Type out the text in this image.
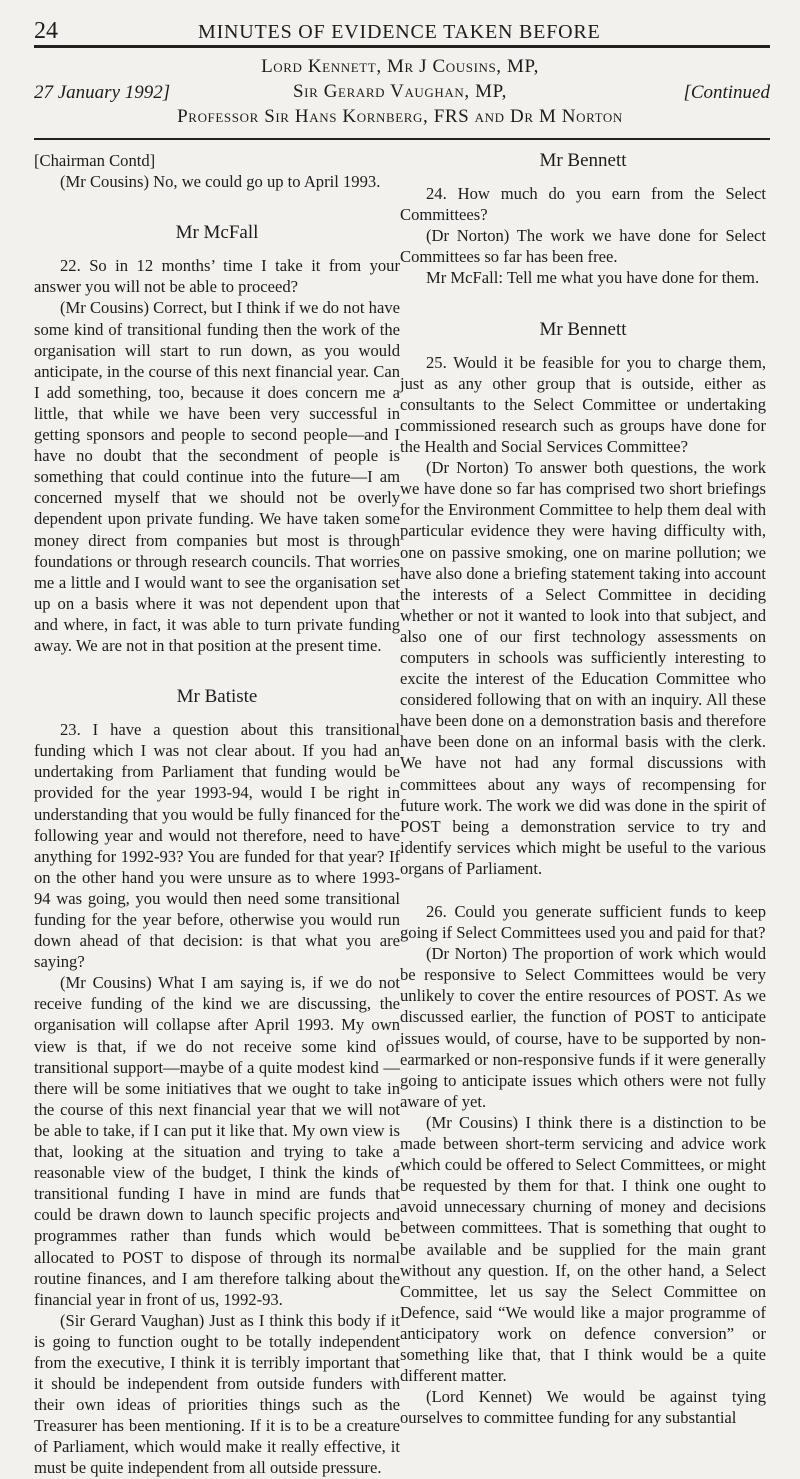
24	MINUTES OF EVIDENCE TAKEN BEFORE
27 January 1992]	[Continued
Lord Kennett, Mr J Cousins, MP,
Sir Gerard Vaughan, MP,
Professor Sir Hans Kornberg, FRS and Dr M Norton

[Chairman Contd]

(Mr Cousins) No, we could go up to April 1993.

Mr McFall

22. So in 12 months’ time I take it from your answer you will not be able to proceed?

(Mr Cousins) Correct, but I think if we do not have some kind of transitional funding then the work of the organisation will start to run down, as you would anticipate, in the course of this next financial year. Can I add something, too, because it does concern me a little, that while we have been very successful in getting sponsors and people to second people—and I have no doubt that the secondment of people is something that could continue into the future—I am concerned myself that we should not be overly dependent upon private funding. We have taken some money direct from companies but most is through foundations or through research councils. That worries me a little and I would want to see the organisation set up on a basis where it was not dependent upon that and where, in fact, it was able to turn private funding away. We are not in that position at the present time.

Mr Batiste

23. I have a question about this transitional funding which I was not clear about. If you had an undertaking from Parliament that funding would be provided for the year 1993-94, would I be right in understanding that you would be fully financed for the following year and would not therefore, need to have anything for 1992-93? You are funded for that year? If on the other hand you were unsure as to where 1993-94 was going, you would then need some transitional funding for the year before, otherwise you would run down ahead of that decision: is that what you are saying?

(Mr Cousins) What I am saying is, if we do not receive funding of the kind we are discussing, the organisation will collapse after April 1993. My own view is that, if we do not receive some kind of transitional support—maybe of a quite modest kind —there will be some initiatives that we ought to take in the course of this next financial year that we will not be able to take, if I can put it like that. My own view is that, looking at the situation and trying to take a reasonable view of the budget, I think the kinds of transitional funding I have in mind are funds that could be drawn down to launch specific projects and programmes rather than funds which would be allocated to POST to dispose of through its normal routine finances, and I am therefore talking about the financial year in front of us, 1992-93.

(Sir Gerard Vaughan) Just as I think this body if it is going to function ought to be totally independent from the executive, I think it is terribly important that it should be independent from outside funders with their own ideas of priorities things such as the Treasurer has been mentioning. If it is to be a creature of Parliament, which would make it really effective, it must be quite independent from all outside pressure.

Mr Bennett

24. How much do you earn from the Select Committees?

(Dr Norton) The work we have done for Select Committees so far has been free.

Mr McFall: Tell me what you have done for them.

Mr Bennett

25. Would it be feasible for you to charge them, just as any other group that is outside, either as consultants to the Select Committee or undertaking commissioned research such as groups have done for the Health and Social Services Committee?

(Dr Norton) To answer both questions, the work we have done so far has comprised two short briefings for the Environment Committee to help them deal with particular evidence they were having difficulty with, one on passive smoking, one on marine pollution; we have also done a briefing statement taking into account the interests of a Select Committee in deciding whether or not it wanted to look into that subject, and also one of our first technology assessments on computers in schools was sufficiently interesting to excite the interest of the Education Committee who considered following that on with an inquiry. All these have been done on a demonstration basis and therefore have been done on an informal basis with the clerk. We have not had any formal discussions with committees about any ways of recompensing for future work. The work we did was done in the spirit of POST being a demonstration service to try and identify services which might be useful to the various organs of Parliament.

26. Could you generate sufficient funds to keep going if Select Committees used you and paid for that?

(Dr Norton) The proportion of work which would be responsive to Select Committees would be very unlikely to cover the entire resources of POST. As we discussed earlier, the function of POST to anticipate issues would, of course, have to be supported by non-earmarked or non-responsive funds if it were generally going to anticipate issues which others were not fully aware of yet.

(Mr Cousins) I think there is a distinction to be made between short-term servicing and advice work which could be offered to Select Committees, or might be requested by them for that. I think one ought to avoid unnecessary churning of money and decisions between committees. That is something that ought to be available and be supplied for the main grant without any question. If, on the other hand, a Select Committee, let us say the Select Committee on Defence, said “We would like a major programme of anticipatory work on defence conversion” or something like that, that I think would be a quite different matter.

(Lord Kennet) We would be against tying ourselves to committee funding for any substantial
